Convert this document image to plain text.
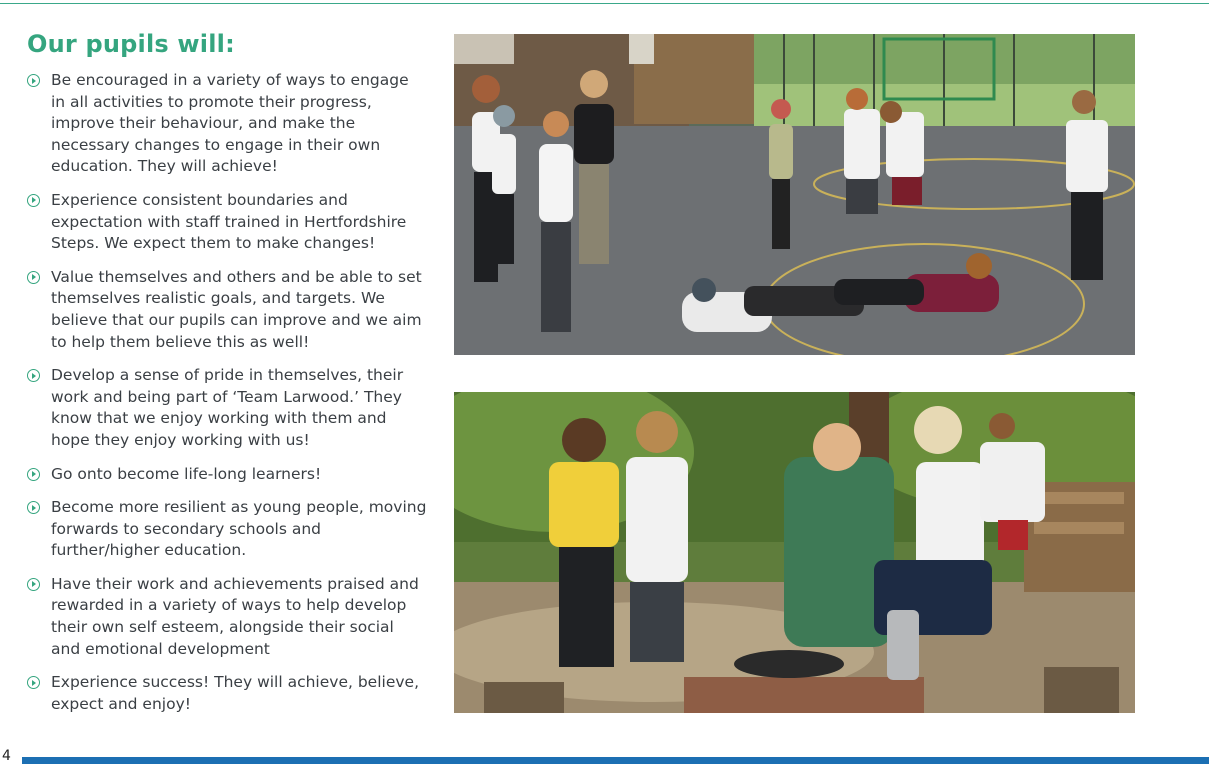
Our pupils will:
Be encouraged in a variety of ways to engage in all activities to promote their progress, improve their behaviour, and make the necessary changes to engage in their own education. They will achieve!
Experience consistent boundaries and expectation with staff trained in Hertfordshire Steps. We expect them to make changes!
Value themselves and others and be able to set themselves realistic goals, and targets. We believe that our pupils can improve and we aim to help them believe this as well!
Develop a sense of pride in themselves, their work and being part of ‘Team Larwood.’ They know that we enjoy working with them and hope they enjoy working with us!
Go onto become life-long learners!
Become more resilient as young people, moving forwards to secondary schools and further/higher education.
Have their work and achievements praised and rewarded in a variety of ways to help develop their own self esteem, alongside their social and emotional development
Experience success! They will achieve, believe, expect and enjoy!
4
